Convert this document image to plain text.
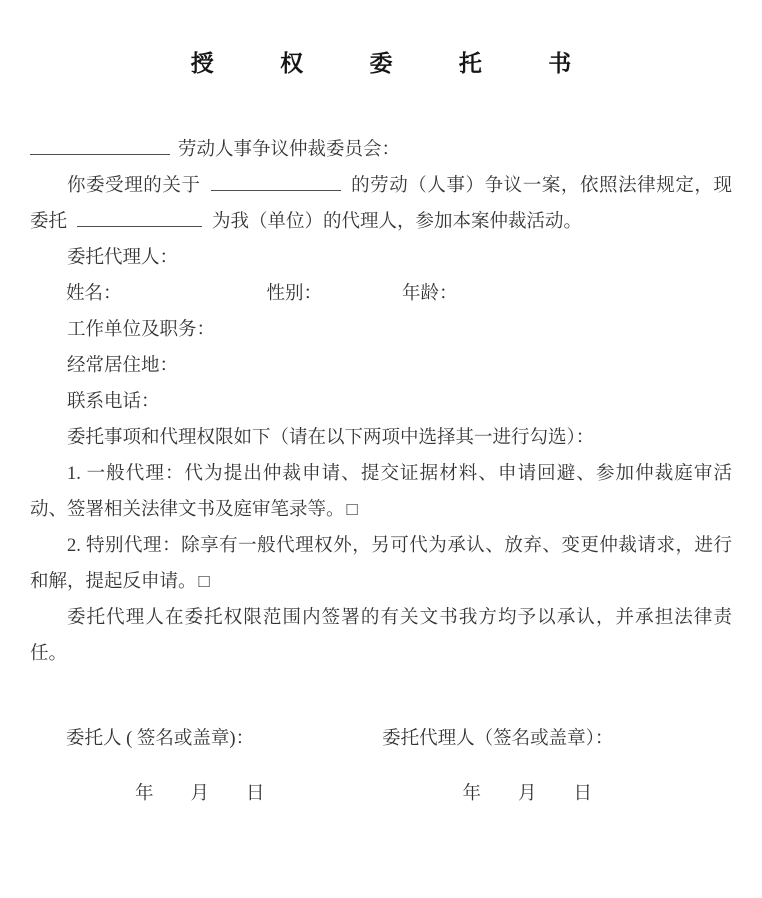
授 权 委 托 书
劳动人事争议仲裁委员会：

你委受理的关于	的劳动（人事）争议一案，依照法律规定，现委托	为我（单位）的代理人，参加本案仲裁活动。

委托代理人：
姓名：	性别：	年龄：
工作单位及职务：
经常居住地：
联系电话：
委托事项和代理权限如下（请在以下两项中选择其一进行勾选）：

1. 一般代理：代为提出仲裁申请、提交证据材料、申请回避、参加仲裁庭审活动、签署相关法律文书及庭审笔录等。 □

2. 特别代理：除享有一般代理权外，另可代为承认、放弃、变更仲裁请求，进行和解，提起反申请。 □

委托代理人在委托权限范围内签署的有关文书我方均予以承认，并承担法律责任。

委托人 ( 签名或盖章)：	委托代理人（签名或盖章）：
年　　月　　日	年　　月　　日
